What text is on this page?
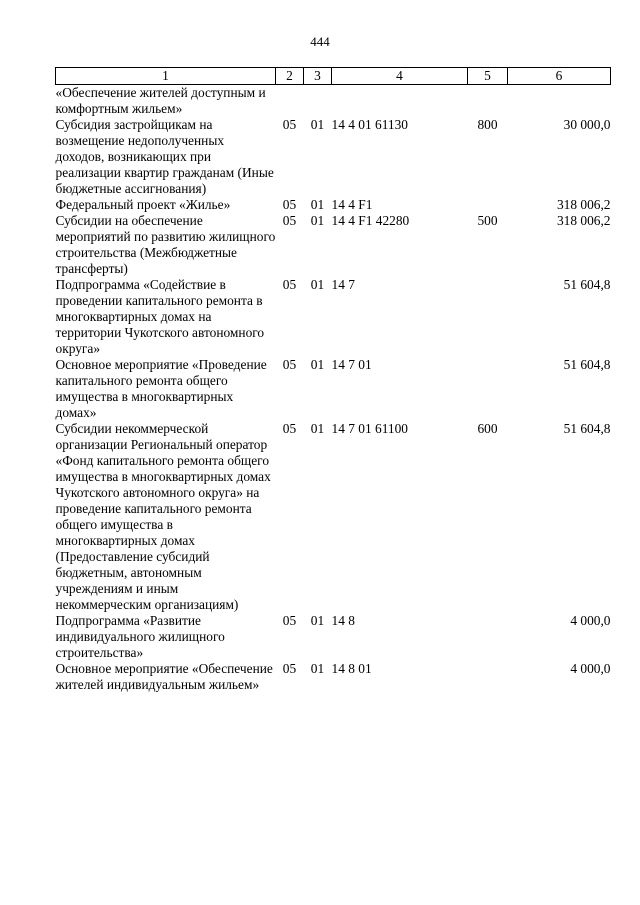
444
1	2	3	4	5	6
«Обеспечение жителей доступным и комфортным жильем»					
Субсидия застройщикам на возмещение недополученных доходов, возникающих при реализации квартир гражданам (Иные бюджетные ассигнования)	05	01	14 4 01 61130	800	30 000,0
Федеральный проект «Жилье»	05	01	14 4 F1		318 006,2
Субсидии на обеспечение мероприятий по развитию жилищного строительства (Межбюджетные трансферты)	05	01	14 4 F1 42280	500	318 006,2
Подпрограмма «Содействие в проведении капитального ремонта в многоквартирных домах на территории Чукотского автономного округа»	05	01	14 7		51 604,8
Основное мероприятие «Проведение капитального ремонта общего имущества в многоквартирных домах»	05	01	14 7 01		51 604,8
Субсидии некоммерческой организации Региональный оператор «Фонд капитального ремонта общего имущества в многоквартирных домах Чукотского автономного округа» на проведение капитального ремонта общего имущества в многоквартирных домах (Предоставление субсидий бюджетным, автономным учреждениям и иным некоммерческим организациям)	05	01	14 7 01 61100	600	51 604,8
Подпрограмма «Развитие индивидуального жилищного строительства»	05	01	14 8		4 000,0
Основное мероприятие «Обеспечение жителей индивидуальным жильем»	05	01	14 8 01		4 000,0
